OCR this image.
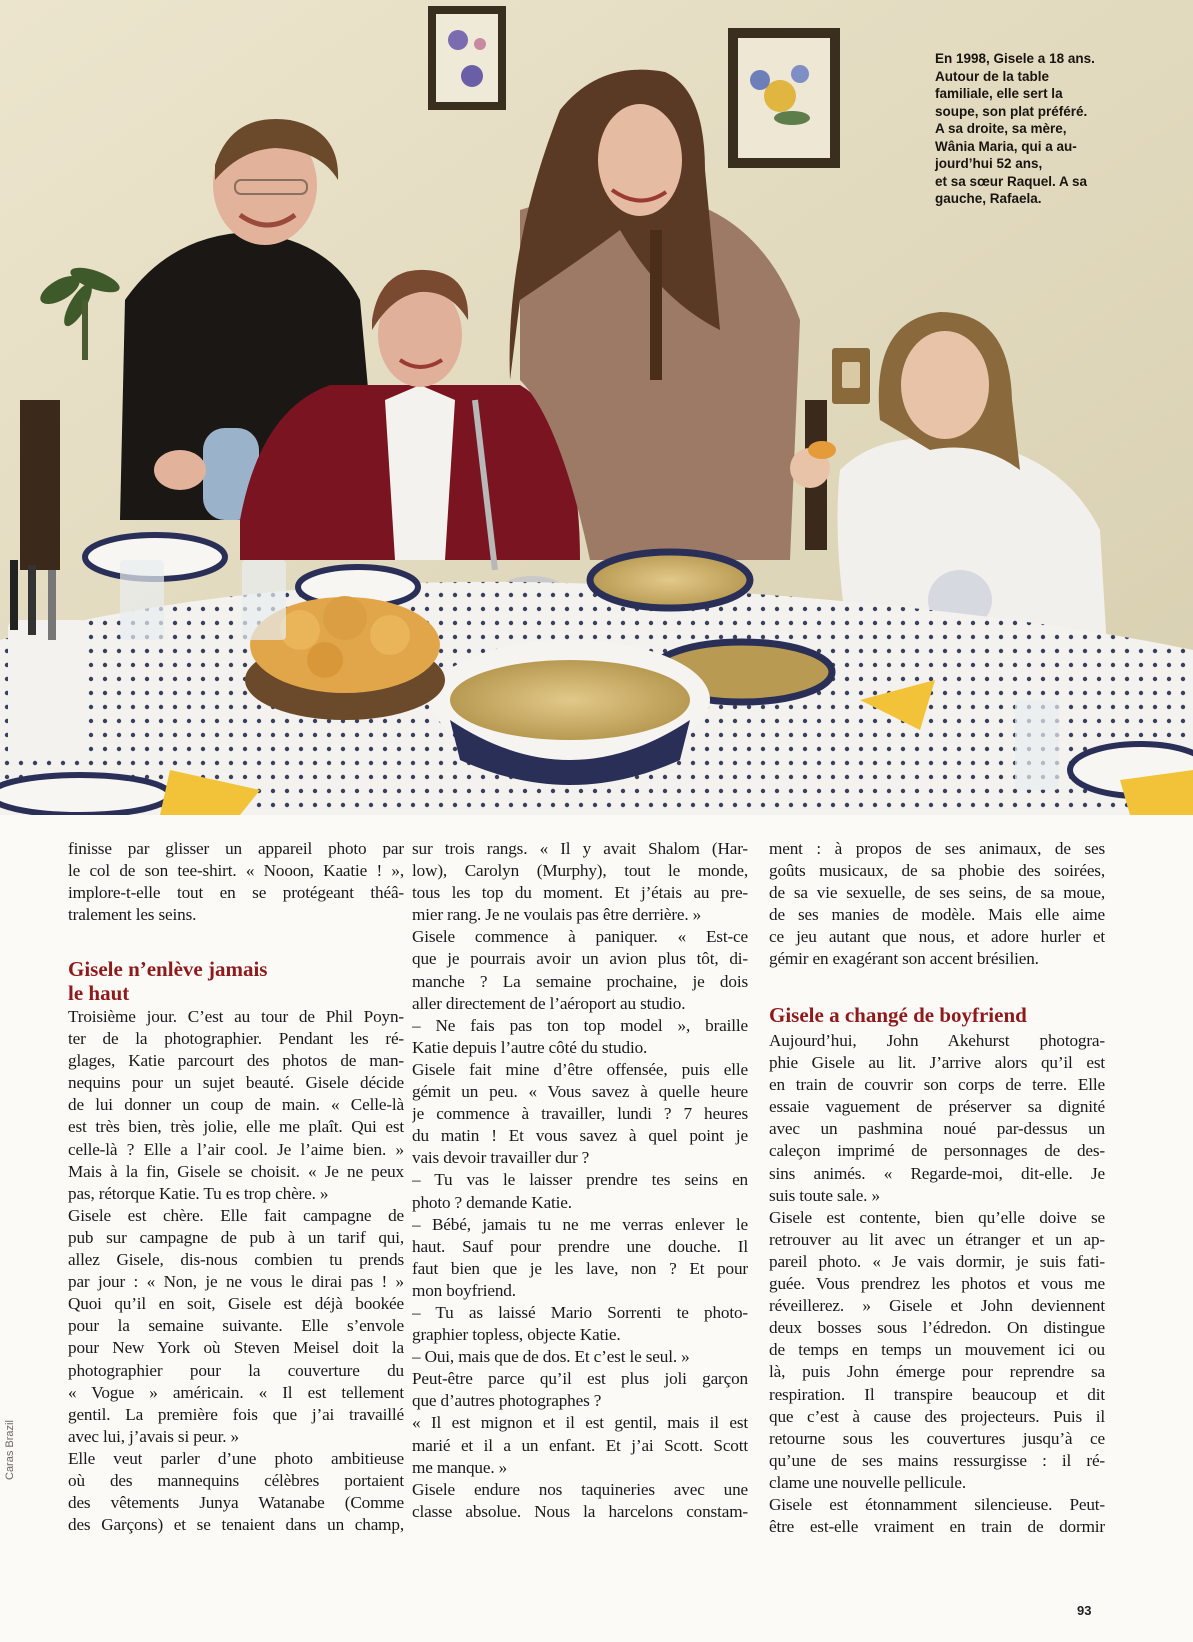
En 1998, Gisele a 18 ans.
Autour de la table
familiale, elle sert la
soupe, son plat préféré.
A sa droite, sa mère,
Wânia Maria, qui a au-
jourd’hui 52 ans,
et sa sœur Raquel. A sa
gauche, Rafaela.

finisse par glisser un appareil photo par
le col de son tee-shirt. « Nooon, Kaatie ! »,
implore-t-elle tout en se protégeant théâ-
tralement les seins.

Gisele n’enlève jamais
le haut

Troisième jour. C’est au tour de Phil Poyn-
ter de la photographier. Pendant les ré-
glages, Katie parcourt des photos de man-
nequins pour un sujet beauté. Gisele décide
de lui donner un coup de main. « Celle-là
est très bien, très jolie, elle me plaît. Qui est
celle-là ? Elle a l’air cool. Je l’aime bien. »
Mais à la fin, Gisele se choisit. « Je ne peux
pas, rétorque Katie. Tu es trop chère. »
Gisele est chère. Elle fait campagne de
pub sur campagne de pub à un tarif qui,
allez Gisele, dis-nous combien tu prends
par jour : « Non, je ne vous le dirai pas ! »
Quoi qu’il en soit, Gisele est déjà bookée
pour la semaine suivante. Elle s’envole
pour New York où Steven Meisel doit la
photographier pour la couverture du
« Vogue » américain. « Il est tellement
gentil. La première fois que j’ai travaillé
avec lui, j’avais si peur. »
Elle veut parler d’une photo ambitieuse
où des mannequins célèbres portaient
des vêtements Junya Watanabe (Comme
des Garçons) et se tenaient dans un champ,

sur trois rangs. « Il y avait Shalom (Har-
low), Carolyn (Murphy), tout le monde,
tous les top du moment. Et j’étais au pre-
mier rang. Je ne voulais pas être derrière. »
Gisele commence à paniquer. « Est-ce
que je pourrais avoir un avion plus tôt, di-
manche ? La semaine prochaine, je dois
aller directement de l’aéroport au studio.
– Ne fais pas ton top model », braille
Katie depuis l’autre côté du studio.
Gisele fait mine d’être offensée, puis elle
gémit un peu. « Vous savez à quelle heure
je commence à travailler, lundi ? 7 heures
du matin ! Et vous savez à quel point je
vais devoir travailler dur ?
– Tu vas le laisser prendre tes seins en
photo ? demande Katie.
– Bébé, jamais tu ne me verras enlever le
haut. Sauf pour prendre une douche. Il
faut bien que je les lave, non ? Et pour
mon boyfriend.
– Tu as laissé Mario Sorrenti te photo-
graphier topless, objecte Katie.
– Oui, mais que de dos. Et c’est le seul. »
Peut-être parce qu’il est plus joli garçon
que d’autres photographes ?
« Il est mignon et il est gentil, mais il est
marié et il a un enfant. Et j’ai Scott. Scott
me manque. »
Gisele endure nos taquineries avec une
classe absolue. Nous la harcelons constam-

ment : à propos de ses animaux, de ses
goûts musicaux, de sa phobie des soirées,
de sa vie sexuelle, de ses seins, de sa moue,
de ses manies de modèle. Mais elle aime
ce jeu autant que nous, et adore hurler et
gémir en exagérant son accent brésilien.

Gisele a changé de boyfriend

Aujourd’hui, John Akehurst photogra-
phie Gisele au lit. J’arrive alors qu’il est
en train de couvrir son corps de terre. Elle
essaie vaguement de préserver sa dignité
avec un pashmina noué par-dessus un
caleçon imprimé de personnages de des-
sins animés. « Regarde-moi, dit-elle. Je
suis toute sale. »
Gisele est contente, bien qu’elle doive se
retrouver au lit avec un étranger et un ap-
pareil photo. « Je vais dormir, je suis fati-
guée. Vous prendrez les photos et vous me
réveillerez. » Gisele et John deviennent
deux bosses sous l’édredon. On distingue
de temps en temps un mouvement ici ou
là, puis John émerge pour reprendre sa
respiration. Il transpire beaucoup et dit
que c’est à cause des projecteurs. Puis il
retourne sous les couvertures jusqu’à ce
qu’une de ses mains ressurgisse : il ré-
clame une nouvelle pellicule.
Gisele est étonnamment silencieuse. Peut-
être est-elle vraiment en train de dormir

Caras Brazil
93
